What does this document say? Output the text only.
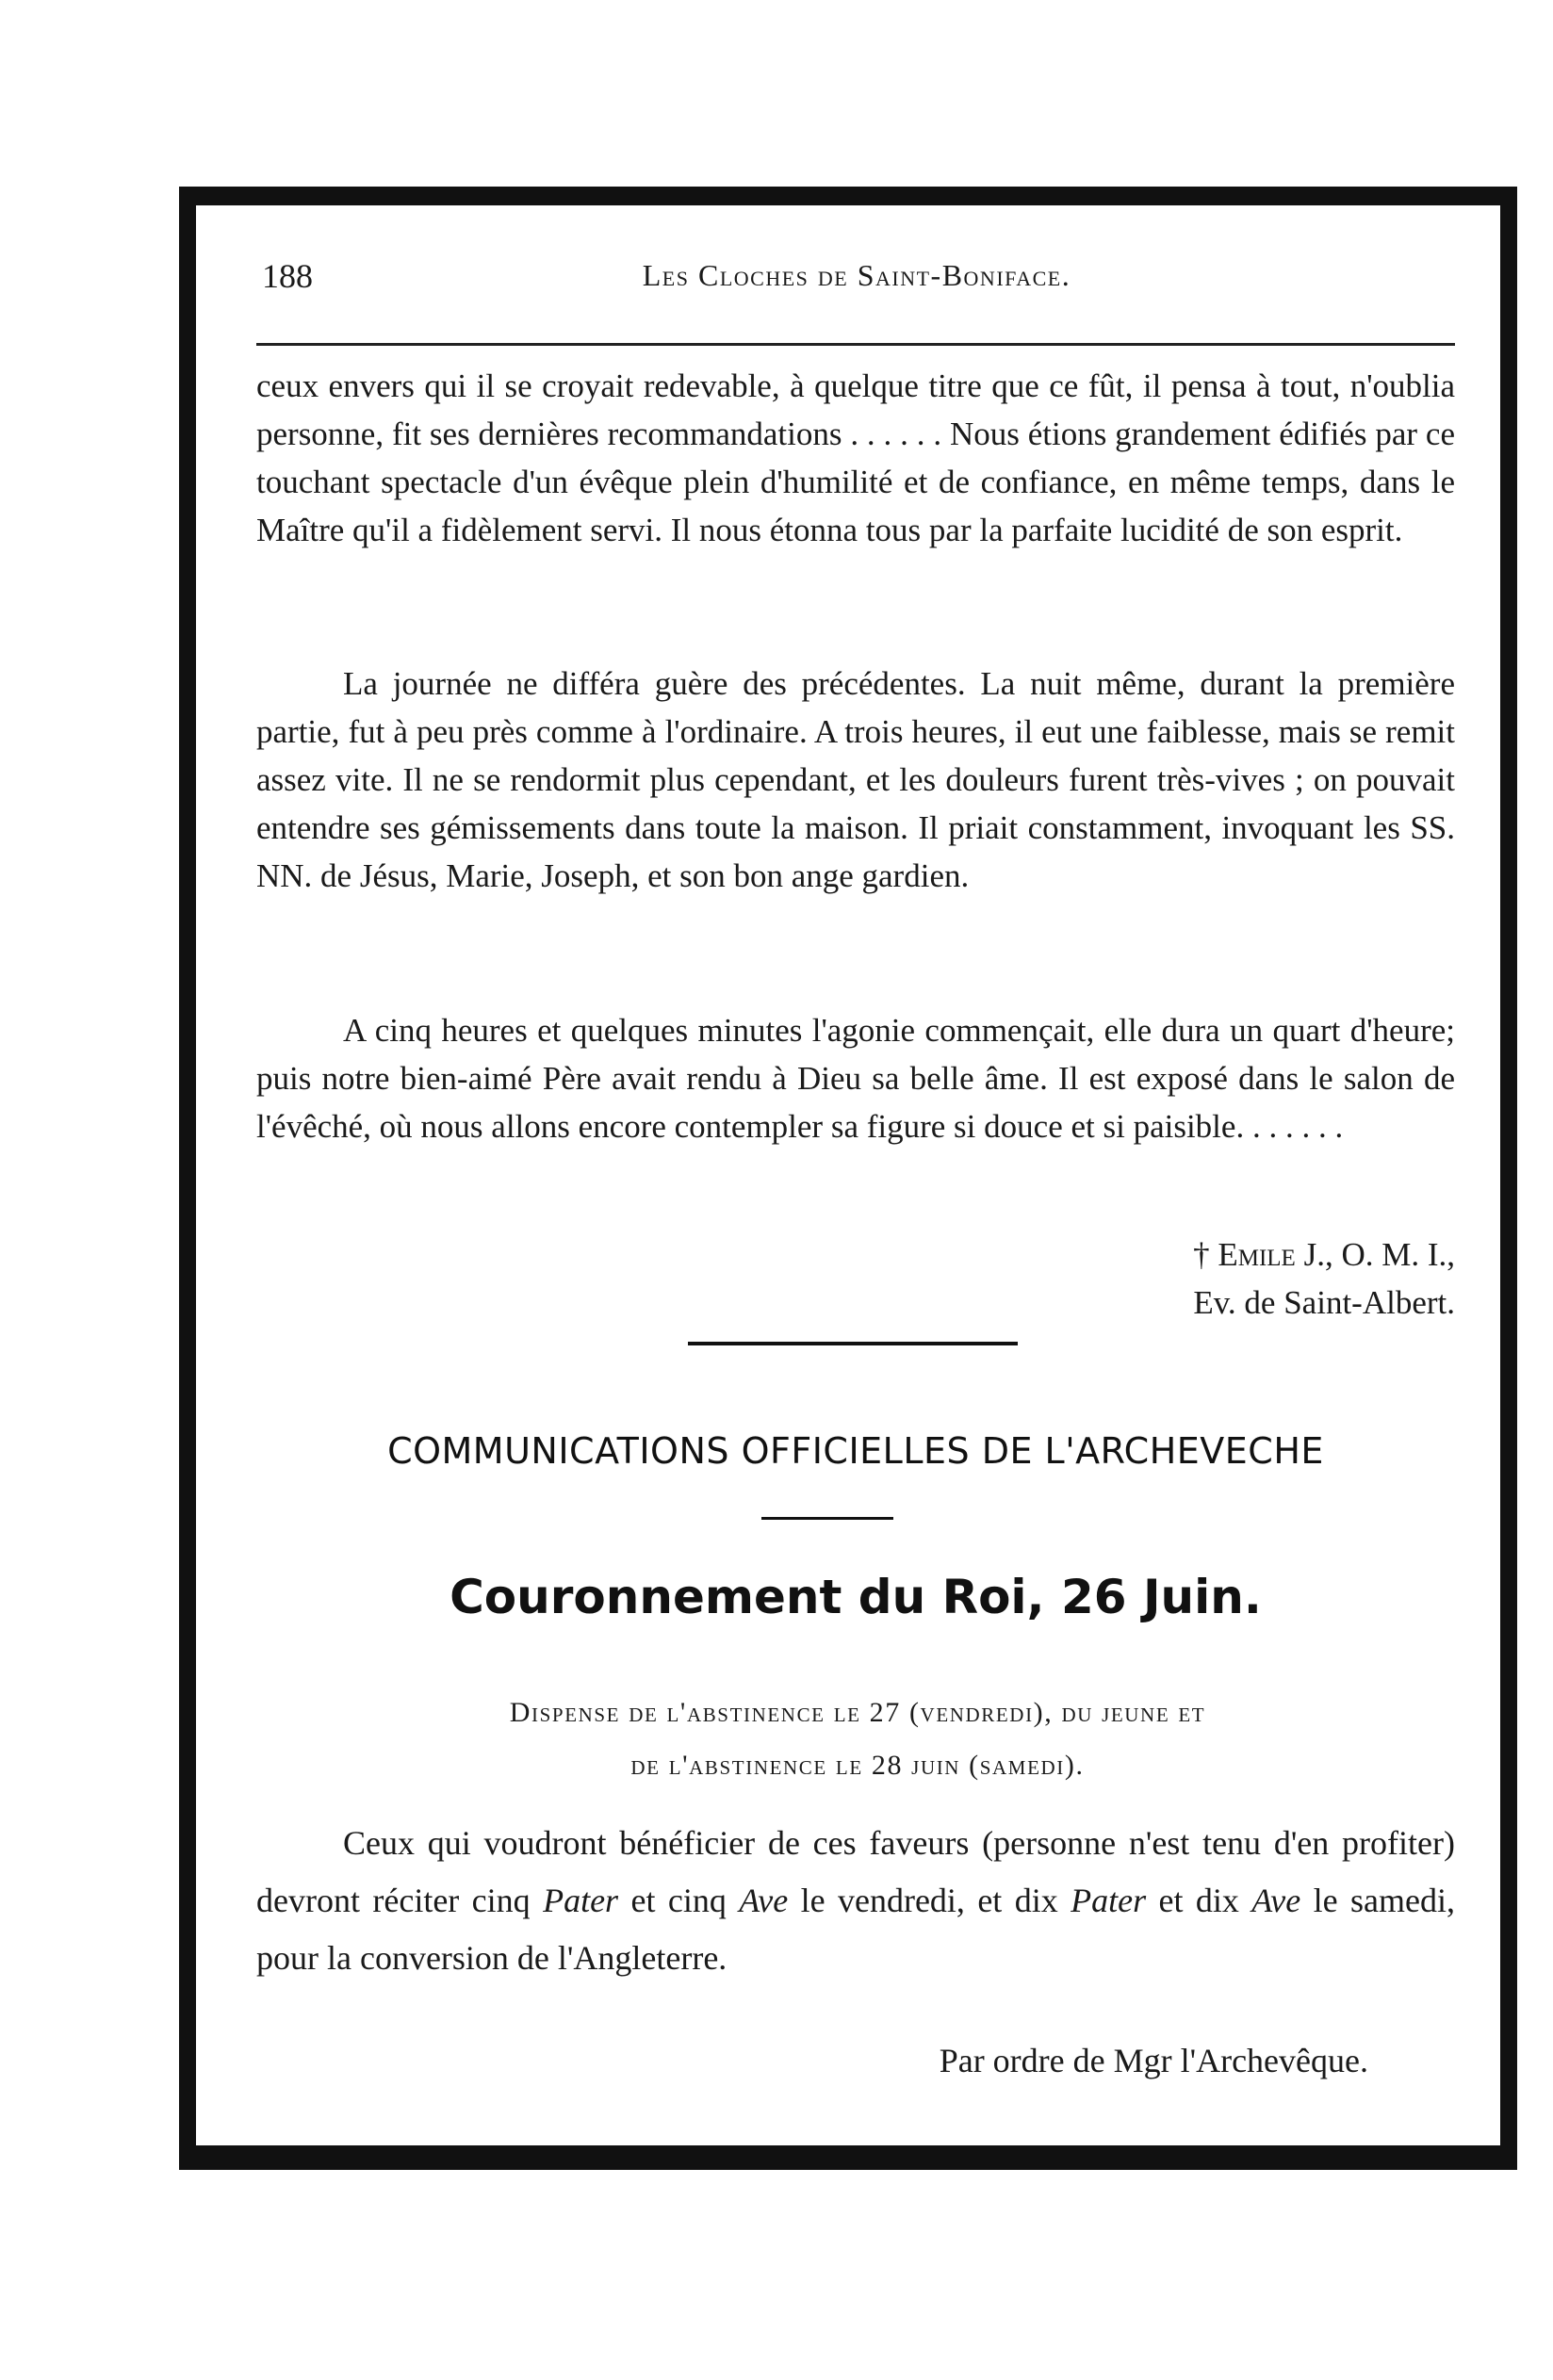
188	Les Cloches de Saint-Boniface.

ceux envers qui il se croyait redevable, à quelque titre que ce fût, il pensa à tout, n'oublia personne, fit ses dernières recommandations . . . . . . Nous étions grandement édifiés par ce touchant spectacle d'un évêque plein d'humilité et de confiance, en même temps, dans le Maître qu'il a fidèlement servi. Il nous étonna tous par la parfaite lucidité de son esprit.

La journée ne différa guère des précédentes. La nuit même, durant la première partie, fut à peu près comme à l'ordinaire. A trois heures, il eut une faiblesse, mais se remit assez vite. Il ne se rendormit plus cependant, et les douleurs furent très-vives ; on pouvait entendre ses gémissements dans toute la maison. Il priait constamment, invoquant les SS. NN. de Jésus, Marie, Joseph, et son bon ange gardien.

A cinq heures et quelques minutes l'agonie commençait, elle dura un quart d'heure; puis notre bien-aimé Père avait rendu à Dieu sa belle âme. Il est exposé dans le salon de l'évêché, où nous allons encore contempler sa figure si douce et si paisible. . . . . . .

† Emile J., O. M. I.,
Ev. de Saint-Albert.
COMMUNICATIONS OFFICIELLES DE L'ARCHEVECHE
Couronnement du Roi, 26 Juin.
Dispense de l'abstinence le 27 (vendredi), du jeune et
de l'abstinence le 28 juin (samedi).

Ceux qui voudront bénéficier de ces faveurs (personne n'est tenu d'en profiter) devront réciter cinq Pater et cinq Ave le vendredi, et dix Pater et dix Ave le samedi, pour la conversion de l'Angleterre.

Par ordre de Mgr l'Archevêque.
